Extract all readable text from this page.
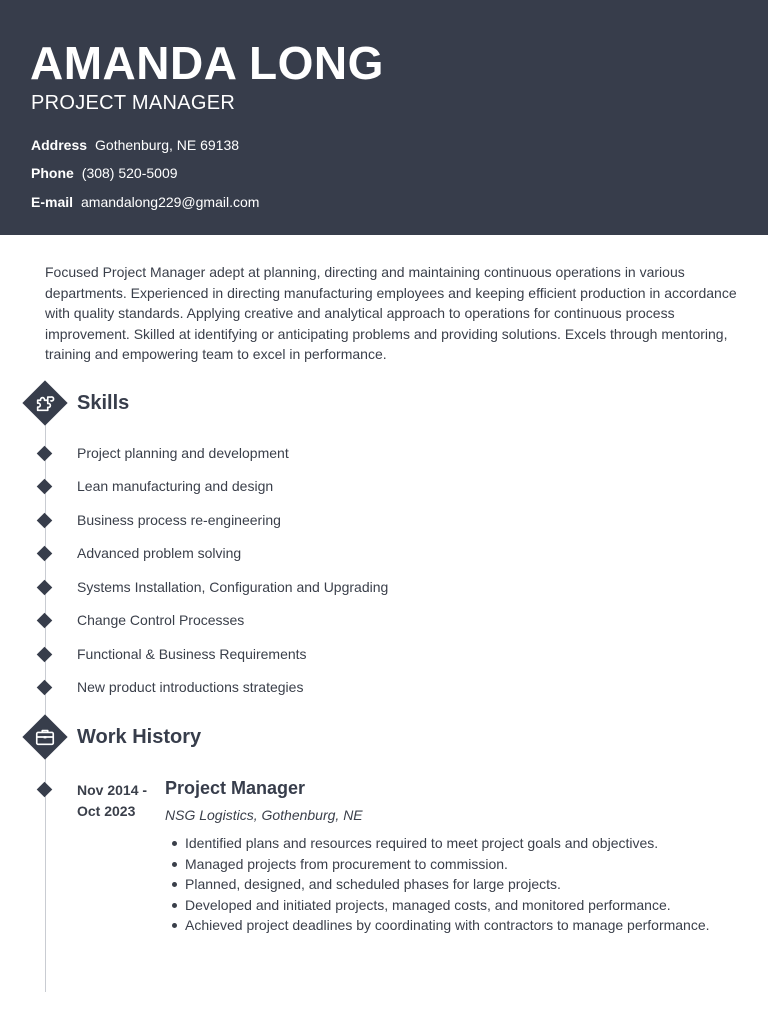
AMANDA LONG
PROJECT MANAGER
Address Gothenburg, NE 69138
Phone (308) 520-5009
E-mail amandalong229@gmail.com
Focused Project Manager adept at planning, directing and maintaining continuous operations in various departments. Experienced in directing manufacturing employees and keeping efficient production in accordance with quality standards. Applying creative and analytical approach to operations for continuous process improvement. Skilled at identifying or anticipating problems and providing solutions. Excels through mentoring, training and empowering team to excel in performance.
Skills
Project planning and development
Lean manufacturing and design
Business process re-engineering
Advanced problem solving
Systems Installation, Configuration and Upgrading
Change Control Processes
Functional & Business Requirements
New product introductions strategies
Work History
Nov 2014 -
Oct 2023
Project Manager
NSG Logistics, Gothenburg, NE
Identified plans and resources required to meet project goals and objectives.
Managed projects from procurement to commission.
Planned, designed, and scheduled phases for large projects.
Developed and initiated projects, managed costs, and monitored performance.
Achieved project deadlines by coordinating with contractors to manage performance.
